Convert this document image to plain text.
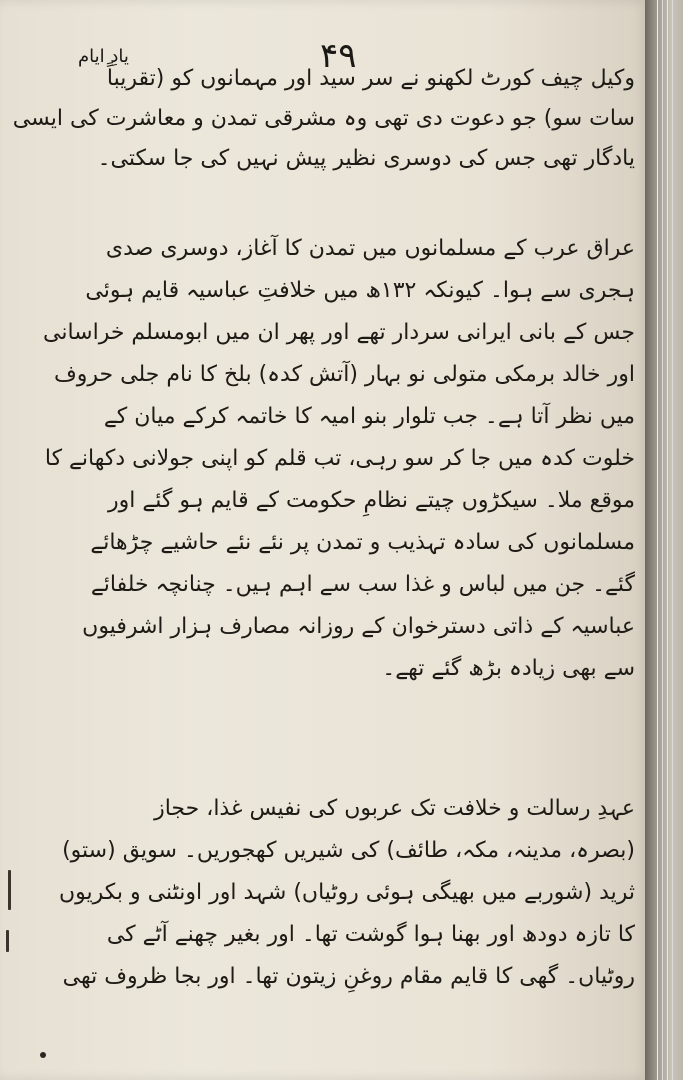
۴۹
یادِ ایام
وکیل چیف کورٹ لکھنو نے سر سید اور مہمانوں کو (تقریباً
سات سو) جو دعوت دی تھی وہ مشرقی تمدن و معاشرت کی ایسی
یادگار تھی جس کی دوسری نظیر پیش نہیں کی جا سکتی۔
عراق عرب کے مسلمانوں میں تمدن کا آغاز، دوسری صدی
ہجری سے ہوا۔ کیونکہ ۱۳۲ھ میں خلافتِ عباسیہ قایم ہوئی
جس کے بانی ایرانی سردار تھے اور پھر ان میں ابومسلم خراسانی
اور خالد برمکی متولی نو بہار (آتش کدہ) بلخ کا نام جلی حروف
میں نظر آتا ہے۔ جب تلوار بنو امیہ کا خاتمہ کرکے میان کے
خلوت کدہ میں جا کر سو رہی، تب قلم کو اپنی جولانی دکھانے کا
موقع ملا۔ سیکڑوں چیتے نظامِ حکومت کے قایم ہو گئے اور
مسلمانوں کی سادہ تہذیب و تمدن پر نئے نئے حاشیے چڑھائے
گئے۔ جن میں لباس و غذا سب سے اہم ہیں۔ چنانچہ خلفائے
عباسیہ کے ذاتی دسترخوان کے روزانہ مصارف ہزار اشرفیوں
سے بھی زیادہ بڑھ گئے تھے۔
عہدِ رسالت و خلافت تک عربوں کی نفیس غذا، حجاز
(بصرہ، مدینہ، مکہ، طائف) کی شیریں کھجوریں۔ سویق (ستو)
ثرید (شوربے میں بھیگی ہوئی روٹیاں) شہد اور اونٹنی و بکریوں
کا تازہ دودھ اور بھنا ہوا گوشت تھا۔ اور بغیر چھنے آٹے کی
روٹیاں۔ گھی کا قایم مقام روغنِ زیتون تھا۔ اور بجا ظروف تھی
